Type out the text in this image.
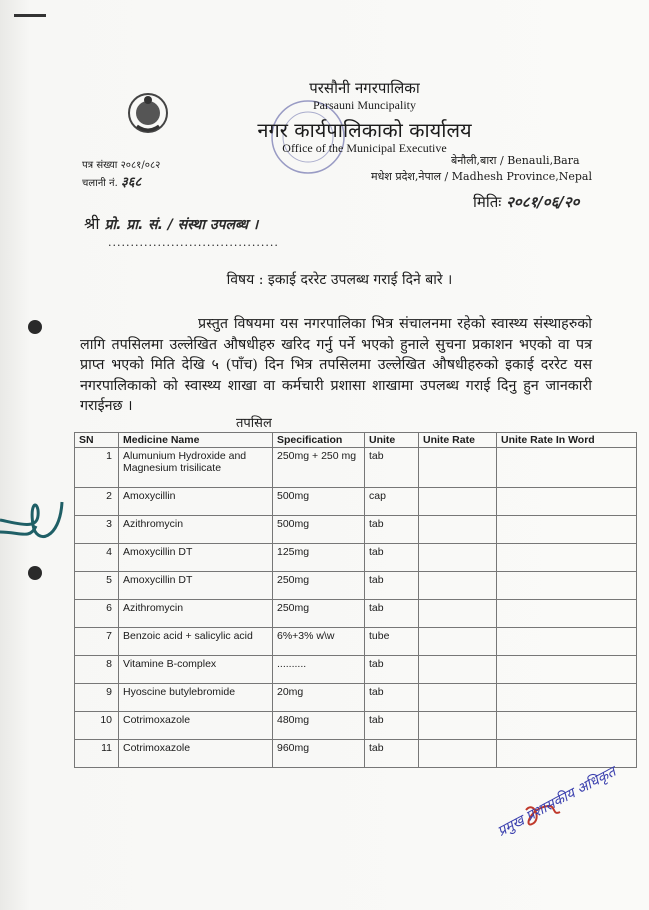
परसौनी नगरपालिका
Parsauni Muncipality
नगर कार्यपालिकाको कार्यालय
Office of the Municipal Executive
पत्र संख्या २०८१/०८२
चलानी नं. ३६८
बेनौली,बारा / Benauli,Bara
मधेश प्रदेश,नेपाल / Madhesh Province,Nepal
मितिः २०८१/०६/२०
श्री प्रो. प्रा. सं. / संस्था उपलब्ध ।
......................................
विषय : इकाई दररेट उपलब्ध गराई दिने बारे ।
प्रस्तुत विषयमा यस नगरपालिका भित्र संचालनमा रहेको स्वास्थ्य संस्थाहरुको लागि तपसिलमा उल्लेखित औषधीहरु खरिद गर्नु पर्ने भएको हुनाले सुचना प्रकाशन भएको वा पत्र प्राप्त भएको मिति देखि ५ (पाँच) दिन भित्र तपसिलमा उल्लेखित औषधीहरुको इकाई दररेट यस नगरपालिकाको को स्वास्थ्य शाखा वा कर्मचारी प्रशासा शाखामा उपलब्ध गराई दिनु हुन जानकारी गराईनछ ।
तपसिल
SN	Medicine Name	Specification	Unite	Unite Rate	Unite Rate In Word
1	Alumunium Hydroxide and Magnesium trisilicate	250mg + 250 mg	tab		
2	Amoxycillin	500mg	cap		
3	Azithromycin	500mg	tab		
4	Amoxycillin DT	125mg	tab		
5	Amoxycillin DT	250mg	tab		
6	Azithromycin	250mg	tab		
7	Benzoic acid + salicylic acid	6%+3% w\w	tube		
8	Vitamine B-complex	..........	tab		
9	Hyoscine butylebromide	20mg	tab		
10	Cotrimoxazole	480mg	tab		
11	Cotrimoxazole	960mg	tab		
प्रमुख प्रशासकीय अधिकृत
